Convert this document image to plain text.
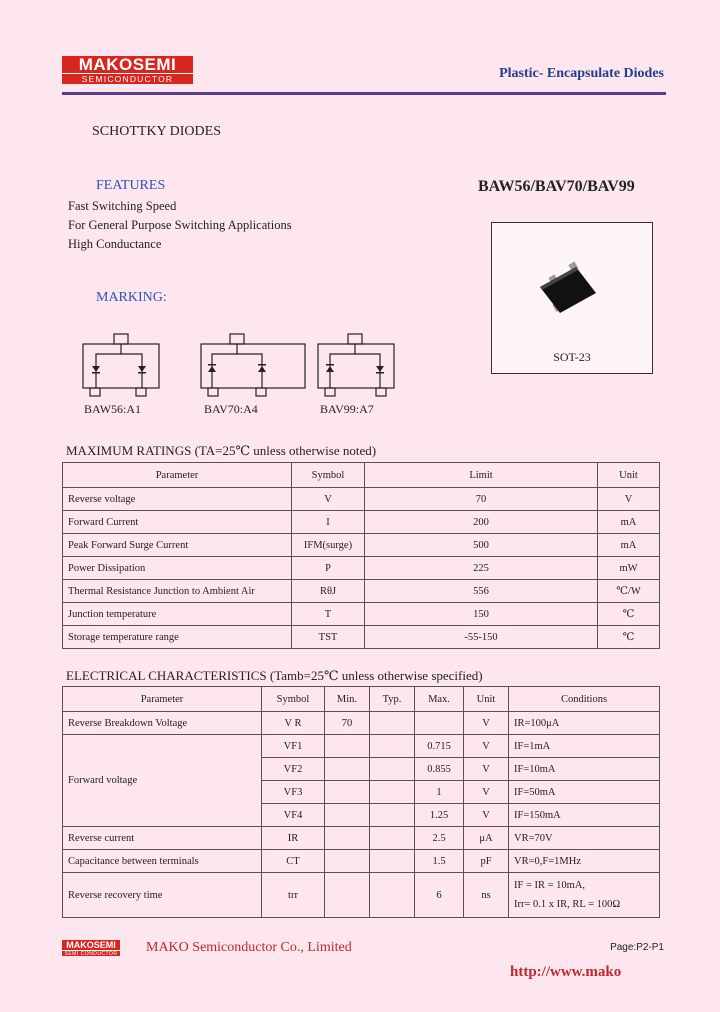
MAKOSEMI
SEMICONDUCTOR	Plastic- Encapsulate Diodes
SCHOTTKY DIODES
FEATURES
Fast Switching Speed
For General Purpose Switching Applications
High Conductance
BAW56/BAV70/BAV99
SOT-23
MARKING:
BAW56:A1	BAV70:A4	BAV99:A7
MAXIMUM RATINGS (TA=25℃ unless otherwise noted)
Parameter	Symbol	Limit	Unit
Reverse voltage	V	70	V
Forward Current	I	200	mA
Peak Forward Surge Current	IFM(surge)	500	mA
Power Dissipation	P	225	mW
Thermal Resistance Junction to Ambient Air	RθJ	556	℃/W
Junction temperature	T	150	℃
Storage temperature range	TST	-55-150	℃
ELECTRICAL CHARACTERISTICS (Tamb=25℃ unless otherwise specified)
Parameter	Symbol	Min.	Typ.	Max.	Unit	Conditions
Reverse Breakdown Voltage	V R	70			V	IR=100μA
Forward voltage	VF1			0.715	V	IF=1mA
	VF2			0.855	V	IF=10mA
	VF3			1	V	IF=50mA
	VF4			1.25	V	IF=150mA
Reverse current	IR			2.5	μA	VR=70V
Capacitance between terminals	CT			1.5	pF	VR=0,F=1MHz
Reverse recovery time	trr			6	ns	IF = IR = 10mA,
Irr= 0.1 x IR, RL = 100Ω
MAKOSEMI
SEMI CONDUCTOR MAKO Semiconductor Co., Limited	Page:P2-P1
http://www.mako
